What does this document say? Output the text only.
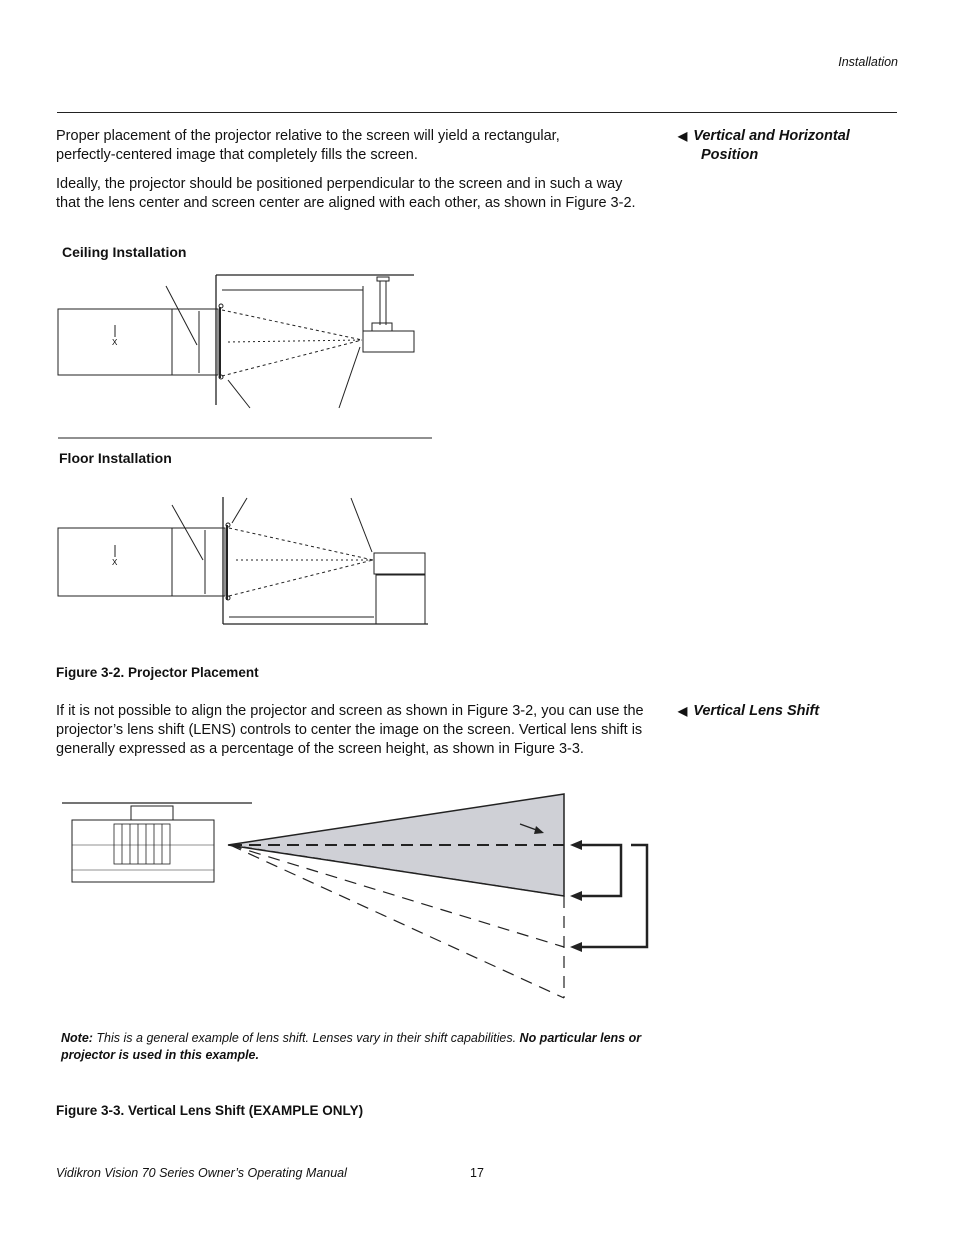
Installation
◀ Vertical and Horizontal
Position
◀ Vertical Lens Shift
Proper placement of the projector relative to the screen will yield a rectangular,
perfectly-centered image that completely fills the screen.
Ideally, the projector should be positioned perpendicular to the screen and in such a way
that the lens center and screen center are aligned with each other, as shown in Figure 3-2.
Ceiling Installation
Floor Installation
X
X
Figure 3-2. Projector Placement
If it is not possible to align the projector and screen as shown in Figure 3-2, you can use the
projector’s lens shift (LENS) controls to center the image on the screen. Vertical lens shift is
generally expressed as a percentage of the screen height, as shown in Figure 3-3.
Note: This is a general example of lens shift. Lenses vary in their shift capabilities. No particular lens or
projector is used in this example.
Figure 3-3. Vertical Lens Shift (EXAMPLE ONLY)
Vidikron Vision 70 Series Owner’s Operating Manual	17
